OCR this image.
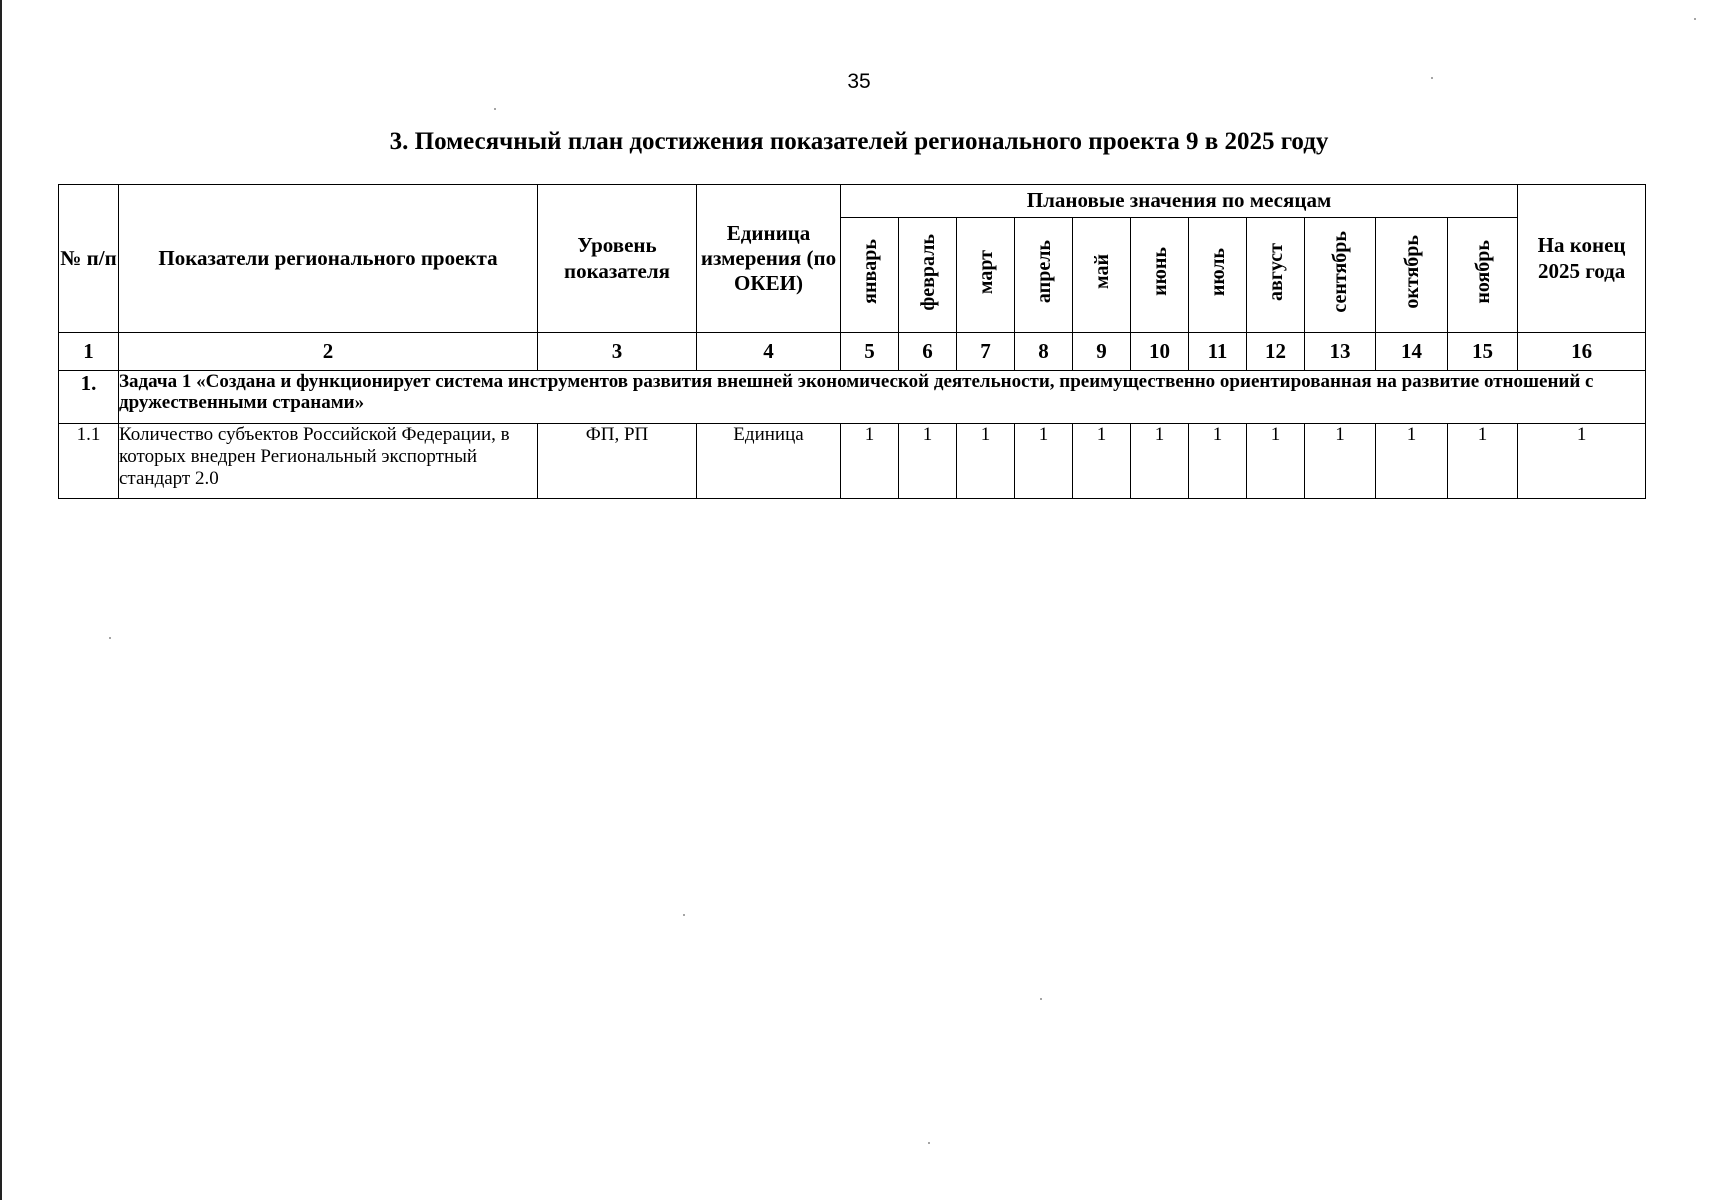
35
3. Помесячный план достижения показателей регионального проекта 9 в 2025 году
№ п/п	Показатели регионального проекта	Уровень показателя	Единица измерения (по ОКЕИ)	Плановые значения по месяцам											На конец 2025 года
				январь	февраль	март	апрель	май	июнь	июль	август	сентябрь	октябрь	ноябрь	
1	2	3	4	5	6	7	8	9	10	11	12	13	14	15	16
1.	Задача 1 «Создана и функционирует система инструментов развития внешней экономической деятельности, преимущественно ориентированная на развитие отношений с дружественными странами»														
1.1	Количество субъектов Российской Федерации, в которых внедрен Региональный экспортный стандарт 2.0	ФП, РП	Единица	1	1	1	1	1	1	1	1	1	1	1	1
